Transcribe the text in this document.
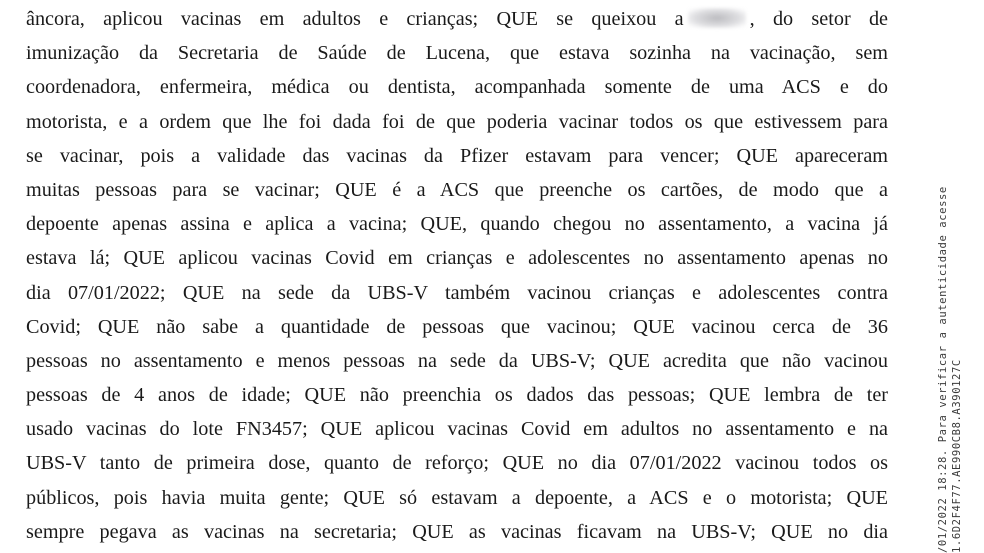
âncora, aplicou vacinas em adultos e crianças; QUE se queixou a	, do setor de
imunização da Secretaria de Saúde de Lucena, que estava sozinha na vacinação, sem
coordenadora, enfermeira, médica ou dentista, acompanhada somente de uma ACS e do
motorista, e a ordem que lhe foi dada foi de que poderia vacinar todos os que estivessem para
se vacinar, pois a validade das vacinas da Pfizer estavam para vencer; QUE apareceram
muitas pessoas para se vacinar; QUE é a ACS que preenche os cartões, de modo que a
depoente apenas assina e aplica a vacina; QUE, quando chegou no assentamento, a vacina já
estava lá; QUE aplicou vacinas Covid em crianças e adolescentes no assentamento apenas no
dia 07/01/2022; QUE na sede da UBS-V também vacinou crianças e adolescentes contra
Covid; QUE não sabe a quantidade de pessoas que vacinou; QUE vacinou cerca de 36
pessoas no assentamento e menos pessoas na sede da UBS-V; QUE acredita que não vacinou
pessoas de 4 anos de idade; QUE não preenchia os dados das pessoas; QUE lembra de ter
usado vacinas do lote FN3457; QUE aplicou vacinas Covid em adultos no assentamento e na
UBS-V tanto de primeira dose, quanto de reforço; QUE no dia 07/01/2022 vacinou todos os
públicos, pois havia muita gente; QUE só estavam a depoente, a ACS e o motorista; QUE
sempre pegava as vacinas na secretaria; QUE as vacinas ficavam na UBS-V; QUE no dia	/01/2022 18:28. Para verificar a autenticidade acesse 1.6D2F4F77.AE990CB8.A390127C
